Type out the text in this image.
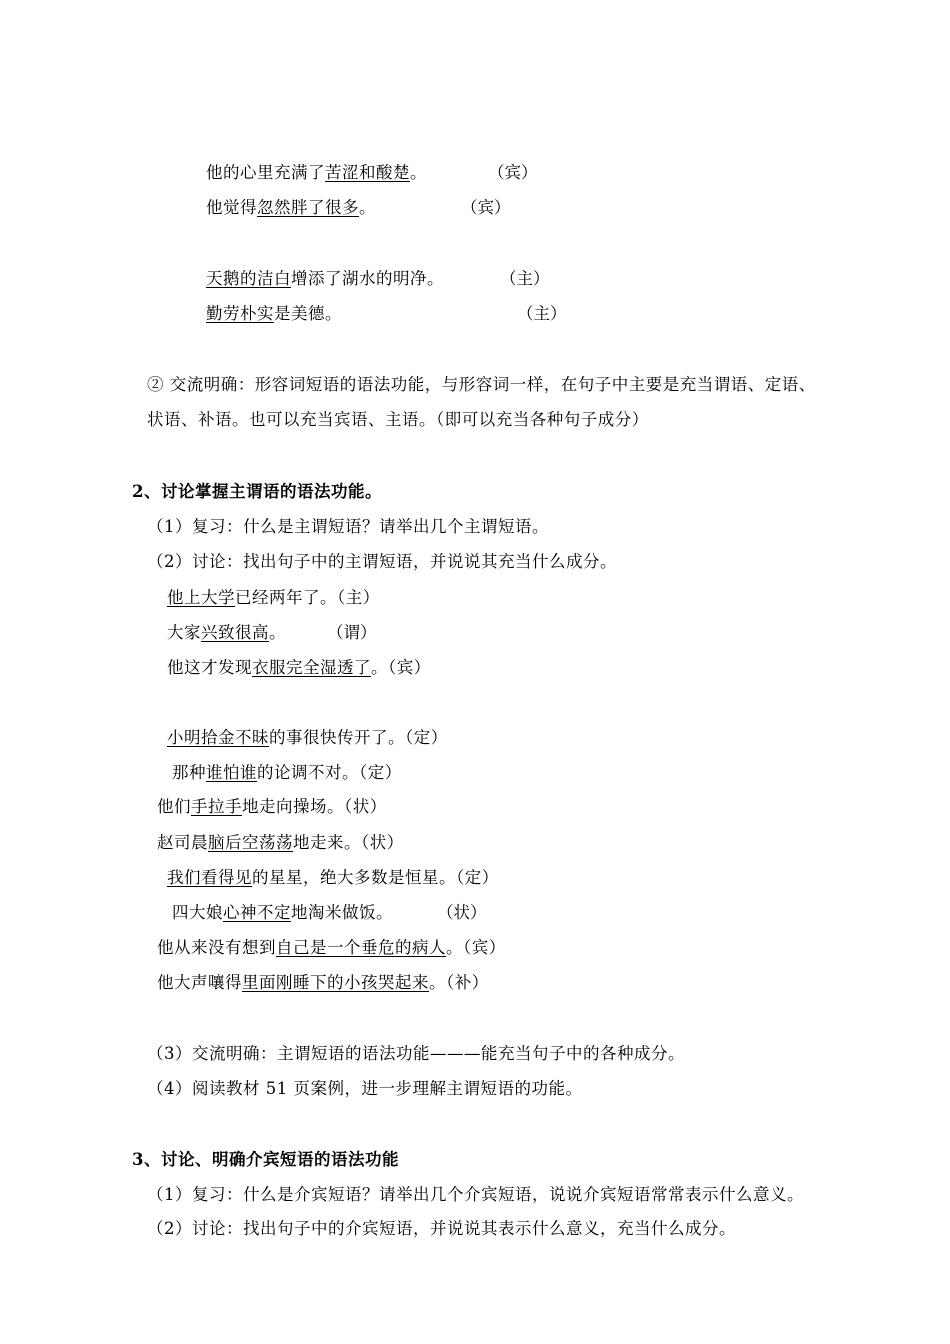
他的心里充满了苦涩和酸楚。	（宾）
他觉得忽然胖了很多。	（宾）
天鹅的洁白增添了湖水的明净。	（主）
勤劳朴实是美德。	（主）
② 交流明确：形容词短语的语法功能，与形容词一样，在句子中主要是充当谓语、定语、
状语、补语。也可以充当宾语、主语。（即可以充当各种句子成分）
2、讨论掌握主谓语的语法功能。
（1）复习：什么是主谓短语？请举出几个主谓短语。
（2）讨论：找出句子中的主谓短语，并说说其充当什么成分。
他上大学已经两年了。（主）
大家兴致很高。 （谓）
他这才发现衣服完全湿透了。（宾）
小明拾金不昧的事很快传开了。（定）
那种谁怕谁的论调不对。（定）
他们手拉手地走向操场。（状）
赵司晨脑后空荡荡地走来。（状）
我们看得见的星星，绝大多数是恒星。（定）
四大娘心神不定地淘米做饭。	（状）
他从来没有想到自己是一个垂危的病人。（宾）
他大声嚷得里面刚睡下的小孩哭起来。（补）
（3）交流明确：主谓短语的语法功能———能充当句子中的各种成分。
（4）阅读教材 51 页案例，进一步理解主谓短语的功能。
3、讨论、明确介宾短语的语法功能
（1）复习：什么是介宾短语？请举出几个介宾短语，说说介宾短语常常表示什么意义。
（2）讨论：找出句子中的介宾短语，并说说其表示什么意义，充当什么成分。
